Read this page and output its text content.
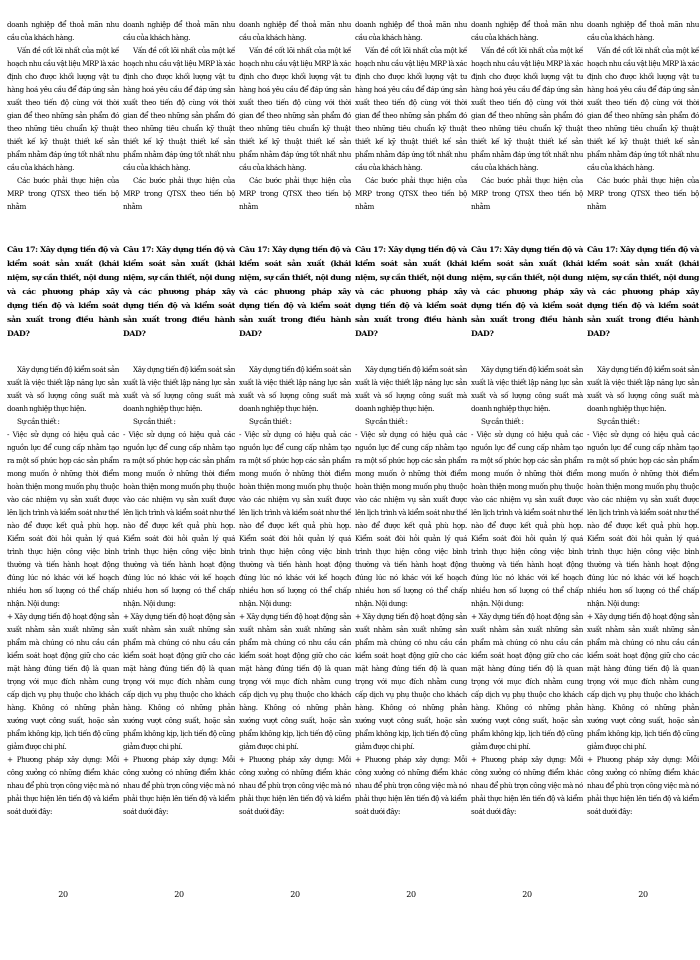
doanh nghiệp để thoả mãn nhu cầu của khách hàng.

Vấn đề cốt lõi nhất của một kế hoạch nhu cầu vật liệu MRP là xác định cho được khối lượng vật tư hàng hoá yêu cầu để đáp ứng sản xuất theo tiến độ cùng với thời gian để theo những sản phẩm đó theo những tiêu chuẩn kỹ thuật thiết kế kỹ thuật thiết kế sản phẩm nhằm đáp ứng tốt nhất nhu cầu của khách hàng.

Các bước phải thực hiện của MRP trong QTSX theo tiến bộ nhằm

Câu 17: Xây dựng tiến độ và kiểm soát sản xuất (khái niệm, sự cần thiết, nội dung và các phương pháp xây dựng tiến độ và kiểm soát sản xuất trong điều hành DAD?

Xây dựng tiến độ kiểm soát sản xuất là việc thiết lập năng lực sản xuất và số lượng công suất mà doanh nghiệp thực hiện.

Sự cần thiết :

- Việc sử dụng có hiệu quả các nguồn lực để cung cấp nhằm tạo ra một số phức hợp các sản phẩm mong muốn ở những thời điểm hoàn thiện mong muốn phụ thuộc vào các nhiệm vụ sản xuất được lên lịch trình và kiểm soát như thế nào để được kết quả phù hợp. Kiểm soát đòi hỏi quản lý quá trình thực hiện công việc bình thường và tiến hành hoạt động đúng lúc nó khác với kế hoạch nhiều hơn số lượng có thể chấp nhận. Nội dung:

+ Xây dựng tiến độ hoạt động sản xuất nhằm sản xuất những sản phẩm mà chúng có nhu cầu cần kiểm soát hoạt động giữ cho các mặt hàng đúng tiến độ là quan trọng với mục đích nhằm cung cấp dịch vụ phụ thuộc cho khách hàng. Không có những phản xướng vượt công suất, hoặc sản phẩm không kịp, lịch tiến độ cũng giảm được chi phí.

+ Phương pháp xây dựng: Mỗi công xưởng có những điểm khác nhau để phù trợn công việc mà nó phải thực hiện lên tiến độ và kiểm soát dưới đây:

20

doanh nghiệp để thoả mãn nhu cầu của khách hàng.

Vấn đề cốt lõi nhất của một kế hoạch nhu cầu vật liệu MRP là xác định cho được khối lượng vật tư hàng hoá yêu cầu để đáp ứng sản xuất theo tiến độ cùng với thời gian để theo những sản phẩm đó theo những tiêu chuẩn kỹ thuật thiết kế kỹ thuật thiết kế sản phẩm nhằm đáp ứng tốt nhất nhu cầu của khách hàng.

Các bước phải thực hiện của MRP trong QTSX theo tiến bộ nhằm

Câu 17: Xây dựng tiến độ và kiểm soát sản xuất (khái niệm, sự cần thiết, nội dung và các phương pháp xây dựng tiến độ và kiểm soát sản xuất trong điều hành DAD?

Xây dựng tiến độ kiểm soát sản xuất là việc thiết lập năng lực sản xuất và số lượng công suất mà doanh nghiệp thực hiện.

Sự cần thiết :

- Việc sử dụng có hiệu quả các nguồn lực để cung cấp nhằm tạo ra một số phức hợp các sản phẩm mong muốn ở những thời điểm hoàn thiện mong muốn phụ thuộc vào các nhiệm vụ sản xuất được lên lịch trình và kiểm soát như thế nào để được kết quả phù hợp. Kiểm soát đòi hỏi quản lý quá trình thực hiện công việc bình thường và tiến hành hoạt động đúng lúc nó khác với kế hoạch nhiều hơn số lượng có thể chấp nhận. Nội dung:

+ Xây dựng tiến độ hoạt động sản xuất nhằm sản xuất những sản phẩm mà chúng có nhu cầu cần kiểm soát hoạt động giữ cho các mặt hàng đúng tiến độ là quan trọng với mục đích nhằm cung cấp dịch vụ phụ thuộc cho khách hàng. Không có những phản xướng vượt công suất, hoặc sản phẩm không kịp, lịch tiến độ cũng giảm được chi phí.

+ Phương pháp xây dựng: Mỗi công xưởng có những điểm khác nhau để phù trợn công việc mà nó phải thực hiện lên tiến độ và kiểm soát dưới đây:

20

doanh nghiệp để thoả mãn nhu cầu của khách hàng.

Vấn đề cốt lõi nhất của một kế hoạch nhu cầu vật liệu MRP là xác định cho được khối lượng vật tư hàng hoá yêu cầu để đáp ứng sản xuất theo tiến độ cùng với thời gian để theo những sản phẩm đó theo những tiêu chuẩn kỹ thuật thiết kế kỹ thuật thiết kế sản phẩm nhằm đáp ứng tốt nhất nhu cầu của khách hàng.

Các bước phải thực hiện của MRP trong QTSX theo tiến bộ nhằm

Câu 17: Xây dựng tiến độ và kiểm soát sản xuất (khái niệm, sự cần thiết, nội dung và các phương pháp xây dựng tiến độ và kiểm soát sản xuất trong điều hành DAD?

Xây dựng tiến độ kiểm soát sản xuất là việc thiết lập năng lực sản xuất và số lượng công suất mà doanh nghiệp thực hiện.

Sự cần thiết :

- Việc sử dụng có hiệu quả các nguồn lực để cung cấp nhằm tạo ra một số phức hợp các sản phẩm mong muốn ở những thời điểm hoàn thiện mong muốn phụ thuộc vào các nhiệm vụ sản xuất được lên lịch trình và kiểm soát như thế nào để được kết quả phù hợp. Kiểm soát đòi hỏi quản lý quá trình thực hiện công việc bình thường và tiến hành hoạt động đúng lúc nó khác với kế hoạch nhiều hơn số lượng có thể chấp nhận. Nội dung:

+ Xây dựng tiến độ hoạt động sản xuất nhằm sản xuất những sản phẩm mà chúng có nhu cầu cần kiểm soát hoạt động giữ cho các mặt hàng đúng tiến độ là quan trọng với mục đích nhằm cung cấp dịch vụ phụ thuộc cho khách hàng. Không có những phản xướng vượt công suất, hoặc sản phẩm không kịp, lịch tiến độ cũng giảm được chi phí.

+ Phương pháp xây dựng: Mỗi công xưởng có những điểm khác nhau để phù trợn công việc mà nó phải thực hiện lên tiến độ và kiểm soát dưới đây:

20

doanh nghiệp để thoả mãn nhu cầu của khách hàng.

Vấn đề cốt lõi nhất của một kế hoạch nhu cầu vật liệu MRP là xác định cho được khối lượng vật tư hàng hoá yêu cầu để đáp ứng sản xuất theo tiến độ cùng với thời gian để theo những sản phẩm đó theo những tiêu chuẩn kỹ thuật thiết kế kỹ thuật thiết kế sản phẩm nhằm đáp ứng tốt nhất nhu cầu của khách hàng.

Các bước phải thực hiện của MRP trong QTSX theo tiến bộ nhằm

Câu 17: Xây dựng tiến độ và kiểm soát sản xuất (khái niệm, sự cần thiết, nội dung và các phương pháp xây dựng tiến độ và kiểm soát sản xuất trong điều hành DAD?

Xây dựng tiến độ kiểm soát sản xuất là việc thiết lập năng lực sản xuất và số lượng công suất mà doanh nghiệp thực hiện.

Sự cần thiết :

- Việc sử dụng có hiệu quả các nguồn lực để cung cấp nhằm tạo ra một số phức hợp các sản phẩm mong muốn ở những thời điểm hoàn thiện mong muốn phụ thuộc vào các nhiệm vụ sản xuất được lên lịch trình và kiểm soát như thế nào để được kết quả phù hợp. Kiểm soát đòi hỏi quản lý quá trình thực hiện công việc bình thường và tiến hành hoạt động đúng lúc nó khác với kế hoạch nhiều hơn số lượng có thể chấp nhận. Nội dung:

+ Xây dựng tiến độ hoạt động sản xuất nhằm sản xuất những sản phẩm mà chúng có nhu cầu cần kiểm soát hoạt động giữ cho các mặt hàng đúng tiến độ là quan trọng với mục đích nhằm cung cấp dịch vụ phụ thuộc cho khách hàng. Không có những phản xướng vượt công suất, hoặc sản phẩm không kịp, lịch tiến độ cũng giảm được chi phí.

+ Phương pháp xây dựng: Mỗi công xưởng có những điểm khác nhau để phù trợn công việc mà nó phải thực hiện lên tiến độ và kiểm soát dưới đây:

20

doanh nghiệp để thoả mãn nhu cầu của khách hàng.

Vấn đề cốt lõi nhất của một kế hoạch nhu cầu vật liệu MRP là xác định cho được khối lượng vật tư hàng hoá yêu cầu để đáp ứng sản xuất theo tiến độ cùng với thời gian để theo những sản phẩm đó theo những tiêu chuẩn kỹ thuật thiết kế kỹ thuật thiết kế sản phẩm nhằm đáp ứng tốt nhất nhu cầu của khách hàng.

Các bước phải thực hiện của MRP trong QTSX theo tiến bộ nhằm

Câu 17: Xây dựng tiến độ và kiểm soát sản xuất (khái niệm, sự cần thiết, nội dung và các phương pháp xây dựng tiến độ và kiểm soát sản xuất trong điều hành DAD?

Xây dựng tiến độ kiểm soát sản xuất là việc thiết lập năng lực sản xuất và số lượng công suất mà doanh nghiệp thực hiện.

Sự cần thiết :

- Việc sử dụng có hiệu quả các nguồn lực để cung cấp nhằm tạo ra một số phức hợp các sản phẩm mong muốn ở những thời điểm hoàn thiện mong muốn phụ thuộc vào các nhiệm vụ sản xuất được lên lịch trình và kiểm soát như thế nào để được kết quả phù hợp. Kiểm soát đòi hỏi quản lý quá trình thực hiện công việc bình thường và tiến hành hoạt động đúng lúc nó khác với kế hoạch nhiều hơn số lượng có thể chấp nhận. Nội dung:

+ Xây dựng tiến độ hoạt động sản xuất nhằm sản xuất những sản phẩm mà chúng có nhu cầu cần kiểm soát hoạt động giữ cho các mặt hàng đúng tiến độ là quan trọng với mục đích nhằm cung cấp dịch vụ phụ thuộc cho khách hàng. Không có những phản xướng vượt công suất, hoặc sản phẩm không kịp, lịch tiến độ cũng giảm được chi phí.

+ Phương pháp xây dựng: Mỗi công xưởng có những điểm khác nhau để phù trợn công việc mà nó phải thực hiện lên tiến độ và kiểm soát dưới đây:

20

doanh nghiệp để thoả mãn nhu cầu của khách hàng.

Vấn đề cốt lõi nhất của một kế hoạch nhu cầu vật liệu MRP là xác định cho được khối lượng vật tư hàng hoá yêu cầu để đáp ứng sản xuất theo tiến độ cùng với thời gian để theo những sản phẩm đó theo những tiêu chuẩn kỹ thuật thiết kế kỹ thuật thiết kế sản phẩm nhằm đáp ứng tốt nhất nhu cầu của khách hàng.

Các bước phải thực hiện của MRP trong QTSX theo tiến bộ nhằm

Câu 17: Xây dựng tiến độ và kiểm soát sản xuất (khái niệm, sự cần thiết, nội dung và các phương pháp xây dựng tiến độ và kiểm soát sản xuất trong điều hành DAD?

Xây dựng tiến độ kiểm soát sản xuất là việc thiết lập năng lực sản xuất và số lượng công suất mà doanh nghiệp thực hiện.

Sự cần thiết :

- Việc sử dụng có hiệu quả các nguồn lực để cung cấp nhằm tạo ra một số phức hợp các sản phẩm mong muốn ở những thời điểm hoàn thiện mong muốn phụ thuộc vào các nhiệm vụ sản xuất được lên lịch trình và kiểm soát như thế nào để được kết quả phù hợp. Kiểm soát đòi hỏi quản lý quá trình thực hiện công việc bình thường và tiến hành hoạt động đúng lúc nó khác với kế hoạch nhiều hơn số lượng có thể chấp nhận. Nội dung:

+ Xây dựng tiến độ hoạt động sản xuất nhằm sản xuất những sản phẩm mà chúng có nhu cầu cần kiểm soát hoạt động giữ cho các mặt hàng đúng tiến độ là quan trọng với mục đích nhằm cung cấp dịch vụ phụ thuộc cho khách hàng. Không có những phản xướng vượt công suất, hoặc sản phẩm không kịp, lịch tiến độ cũng giảm được chi phí.

+ Phương pháp xây dựng: Mỗi công xưởng có những điểm khác nhau để phù trợn công việc mà nó phải thực hiện lên tiến độ và kiểm soát dưới đây:

20
